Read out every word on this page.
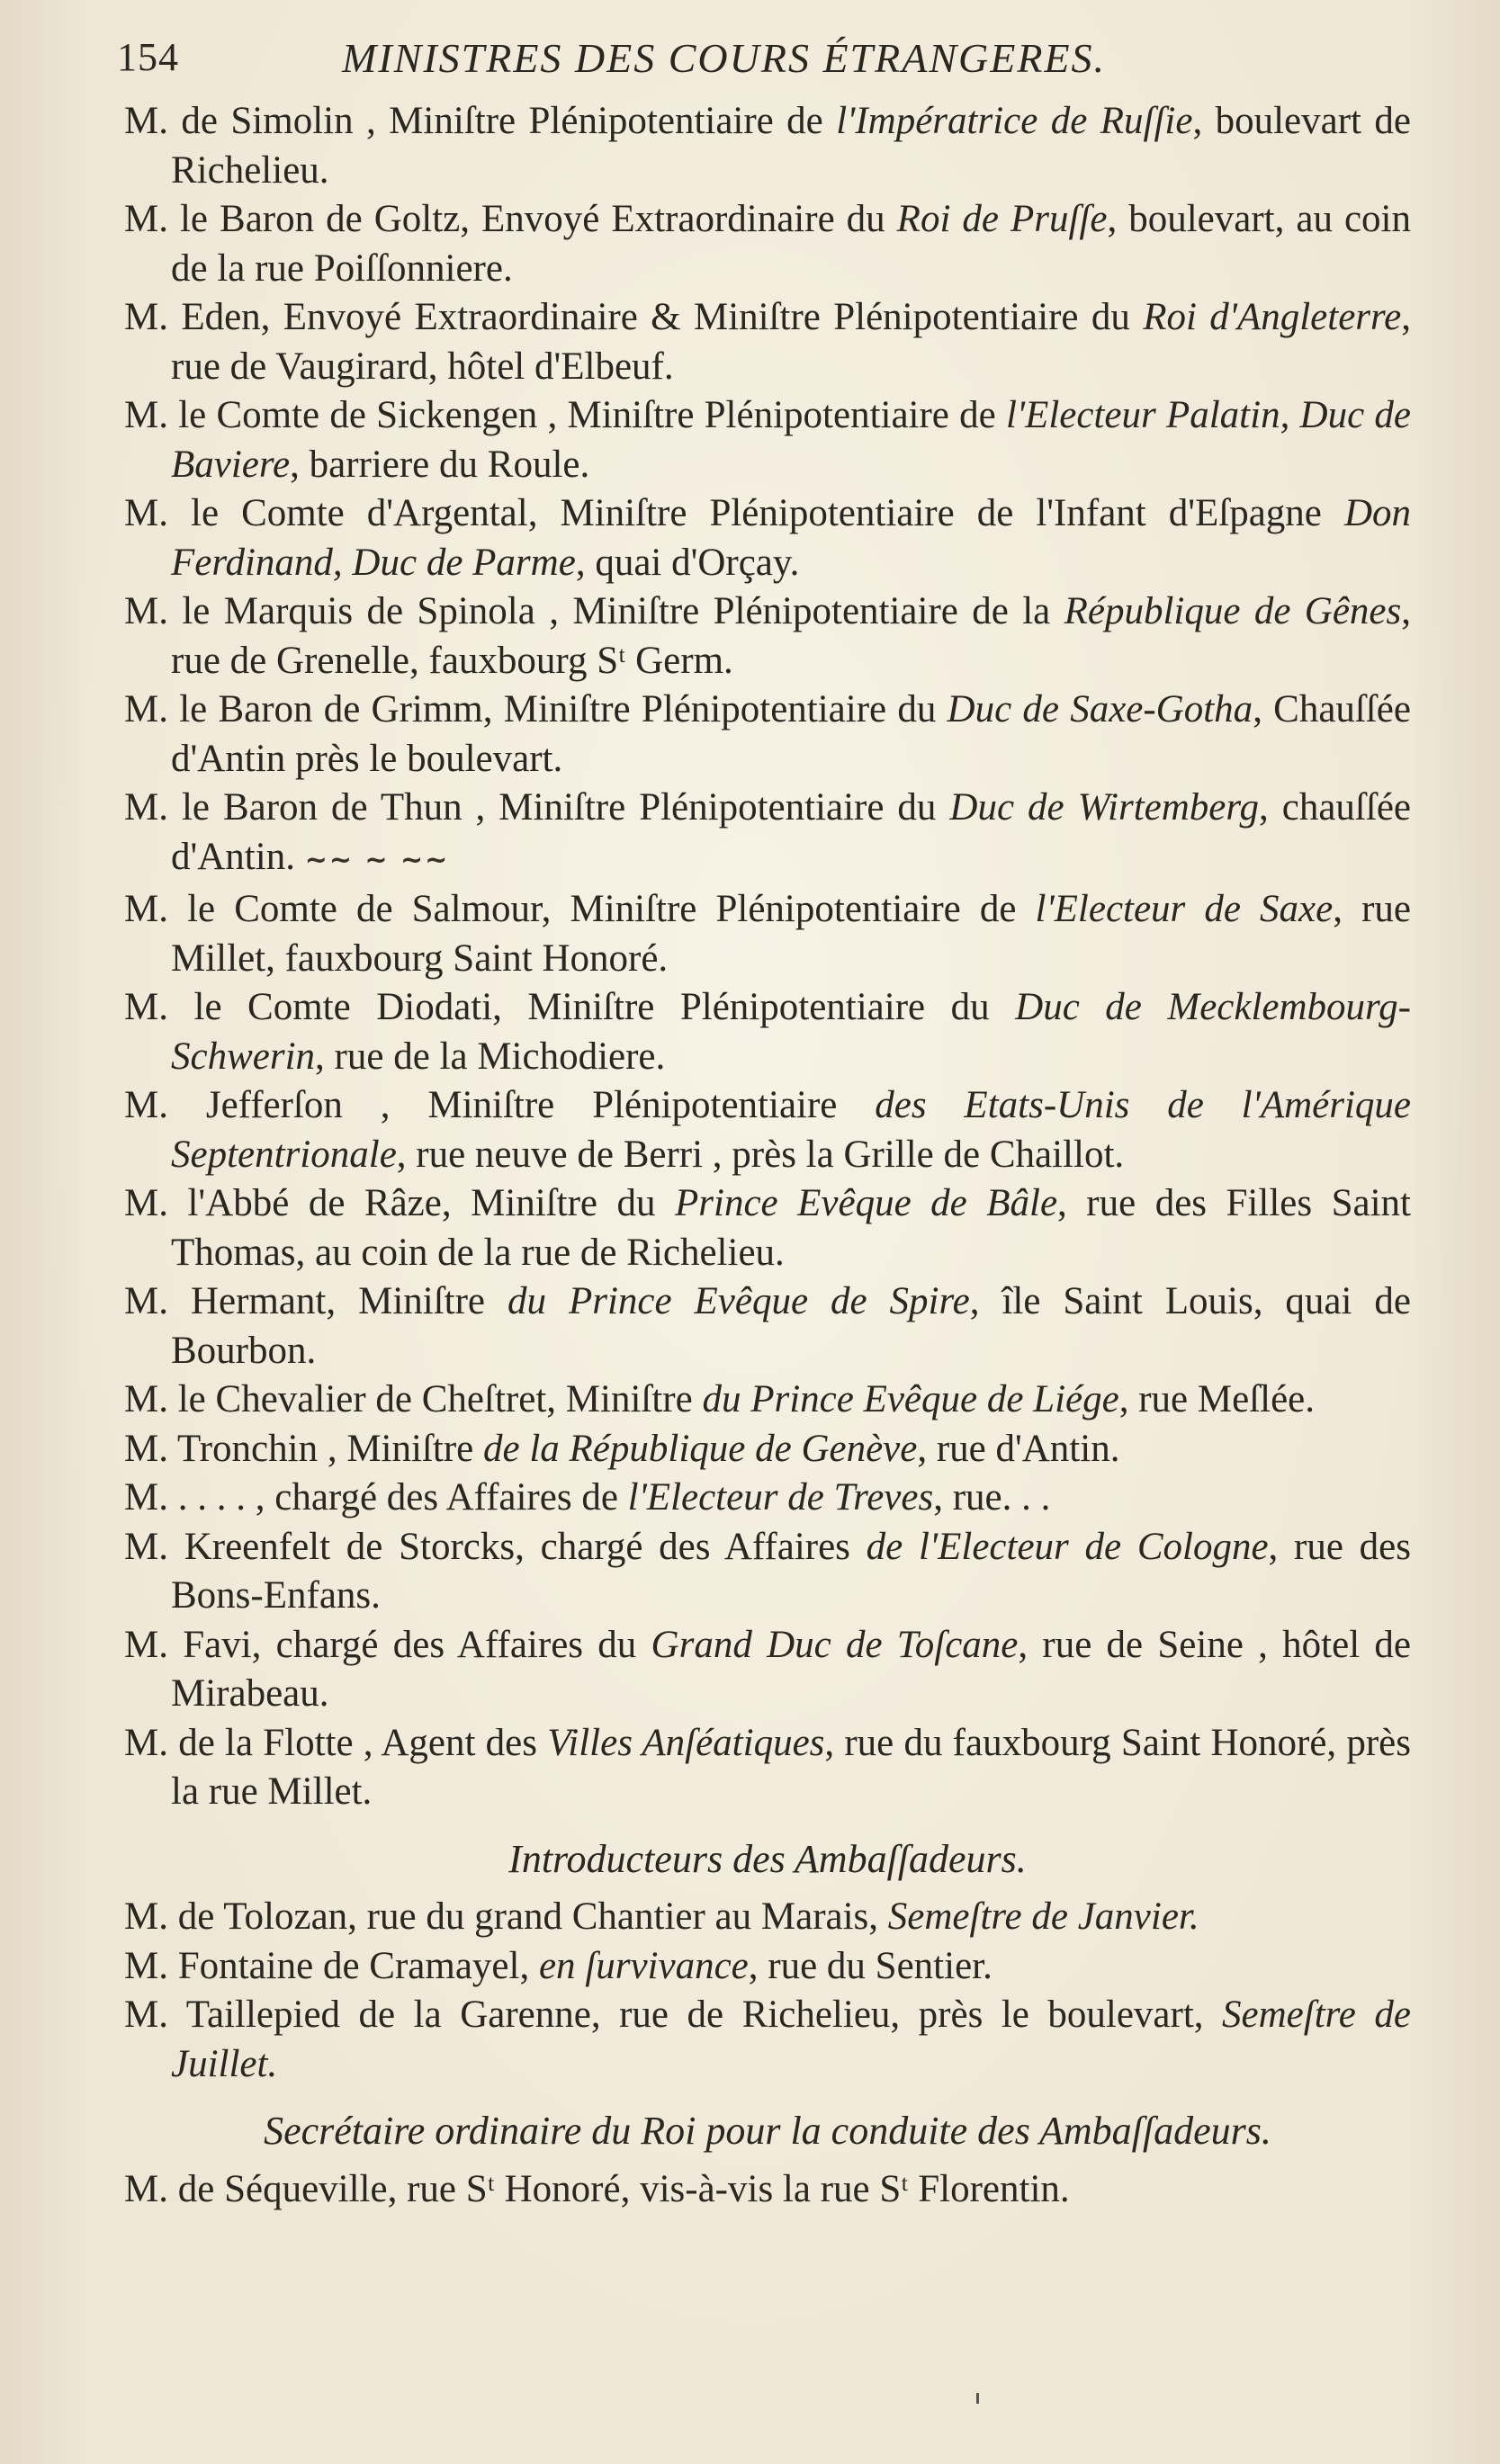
154	MINISTRES DES COURS ÉTRANGERES.

M. de Simolin , Miniſtre Plénipotentiaire de l'Impératrice de Ruſſie, boulevart de Richelieu.

M. le Baron de Goltz, Envoyé Extraordinaire du Roi de Pruſſe, boulevart, au coin de la rue Poiſſonniere.

M. Eden, Envoyé Extraordinaire & Miniſtre Plénipotentiaire du Roi d'Angleterre, rue de Vaugirard, hôtel d'Elbeuf.

M. le Comte de Sickengen , Miniſtre Plénipotentiaire de l'Electeur Palatin, Duc de Baviere, barriere du Roule.

M. le Comte d'Argental, Miniſtre Plénipotentiaire de l'Infant d'Eſpagne Don Ferdinand, Duc de Parme, quai d'Orçay.

M. le Marquis de Spinola , Miniſtre Plénipotentiaire de la République de Gênes, rue de Grenelle, fauxbourg Sᵗ Germ.

M. le Baron de Grimm, Miniſtre Plénipotentiaire du Duc de Saxe-Gotha, Chauſſée d'Antin près le boulevart.

M. le Baron de Thun , Miniſtre Plénipotentiaire du Duc de Wirtemberg, chauſſée d'Antin. ~~ ~ ~~

M. le Comte de Salmour, Miniſtre Plénipotentiaire de l'Electeur de Saxe, rue Millet, fauxbourg Saint Honoré.

M. le Comte Diodati, Miniſtre Plénipotentiaire du Duc de Mecklembourg-Schwerin, rue de la Michodiere.

M. Jefferſon , Miniſtre Plénipotentiaire des Etats-Unis de l'Amérique Septentrionale, rue neuve de Berri , près la Grille de Chaillot.

M. l'Abbé de Râze, Miniſtre du Prince Evêque de Bâle, rue des Filles Saint Thomas, au coin de la rue de Richelieu.

M. Hermant, Miniſtre du Prince Evêque de Spire, île Saint Louis, quai de Bourbon.

M. le Chevalier de Cheſtret, Miniſtre du Prince Evêque de Liége, rue Meſlée.

M. Tronchin , Miniſtre de la République de Genève, rue d'Antin.

M. . . . . , chargé des Affaires de l'Electeur de Treves, rue. . .

M. Kreenfelt de Storcks, chargé des Affaires de l'Electeur de Cologne, rue des Bons-Enfans.

M. Favi, chargé des Affaires du Grand Duc de Toſcane, rue de Seine , hôtel de Mirabeau.

M. de la Flotte , Agent des Villes Anſéatiques, rue du fauxbourg Saint Honoré, près la rue Millet.

Introducteurs des Ambaſſadeurs.

M. de Tolozan, rue du grand Chantier au Marais, Semeſtre de Janvier.

M. Fontaine de Cramayel, en ſurvivance, rue du Sentier.

M. Taillepied de la Garenne, rue de Richelieu, près le boulevart, Semeſtre de Juillet.

Secrétaire ordinaire du Roi pour la conduite des Ambaſſadeurs.

M. de Séqueville, rue Sᵗ Honoré, vis-à-vis la rue Sᵗ Florentin.
